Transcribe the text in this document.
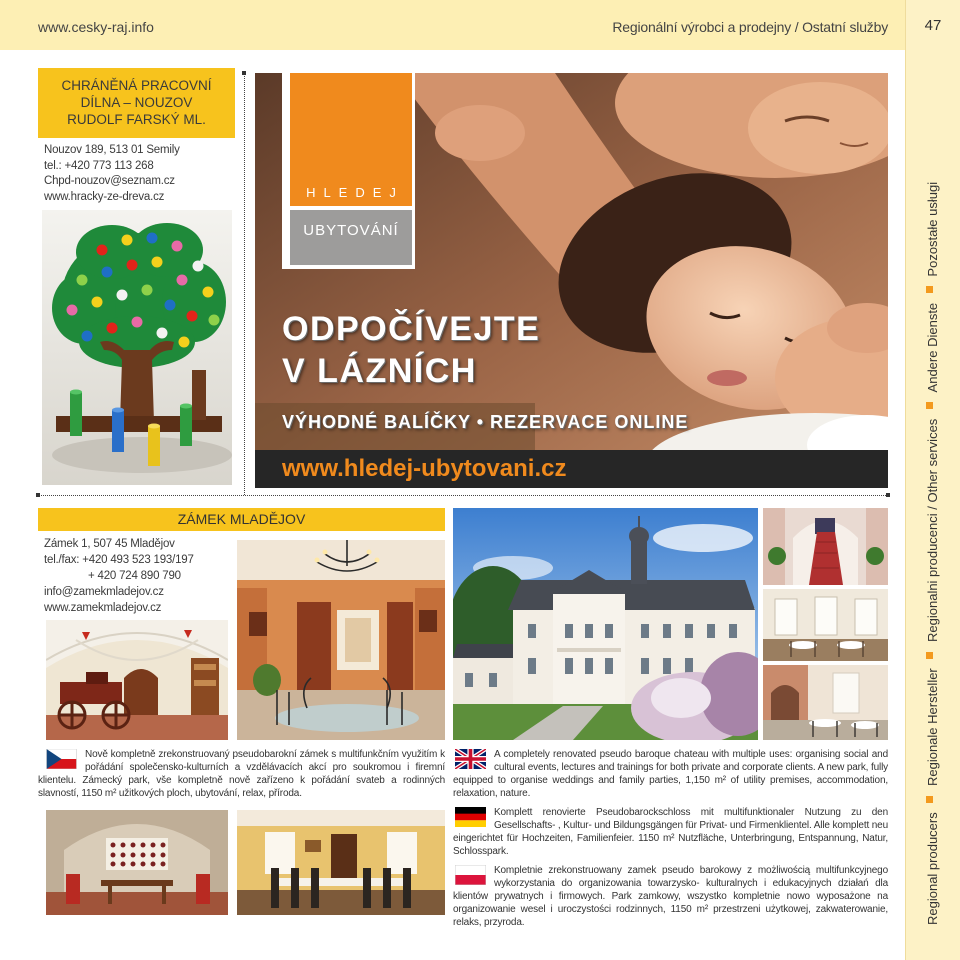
www.cesky-raj.info	Regionální výrobci a prodejny / Ostatní služby	47
Regional producers  Regionale Hersteller  Regionalni producenci / Other services  Andere Dienste  Pozostałe usługi
CHRÁNĚNÁ PRACOVNÍ
DÍLNA – NOUZOV
RUDOLF FARSKÝ ML.
Nouzov 189, 513 01 Semily
tel.: +420 773 113 268
Chpd-nouzov@seznam.cz
www.hracky-ze-dreva.cz	HLEDEJ
UBYTOVÁNÍ
ODPOČÍVEJTE
V LÁZNÍCH
VÝHODNÉ BALÍČKY • REZERVACE ONLINE
www.hledej-ubytovani.cz
ZÁMEK MLADĚJOV
Zámek 1, 507 45 Mladějov
tel./fax: +420 493 523 193/197
+ 420 724 890 790
info@zamekmladejov.cz
www.zamekmladejov.cz
Nově kompletně zrekonstruovaný pseudobarokní zámek s multifunkčním využitím k pořádání společensko-kulturních a vzdělávacích akcí pro soukromou i firemní klientelu. Zámecký park, vše kompletně nově zařízeno k pořádání svateb a rodinných slavností, 1150 m² užitkových ploch, ubytování, relax, příroda.
A completely renovated pseudo baroque chateau with multiple uses: organising social and cultural events, lectures and trainings for both private and corporate clients. A new park, fully equipped to organise weddings and family parties, 1,150 m² of utility premises, accommodation, relaxation, nature.
Komplett renovierte Pseudobarockschloss mit multifunktionaler Nutzung zu den Gesellschafts- , Kultur- und Bildungsgängen für Privat- und Firmenklientel. Alle komplett neu eingerichtet für Hochzeiten, Familienfeier. 1150 m² Nutzfläche, Unterbringung, Entspannung, Natur, Schlosspark.
Kompletnie zrekonstruowany zamek pseudo barokowy z możliwością multifunkcyjnego wykorzystania do organizowania towarzysko- kulturalnych i edukacyjnych działań dla klientów prywatnych i firmowych. Park zamkowy, wszystko kompletnie nowo wyposażone na organizowanie wesel i uroczystości rodzinnych, 1150 m² przestrzeni użytkowej, zakwaterowanie, relaks, przyroda.
